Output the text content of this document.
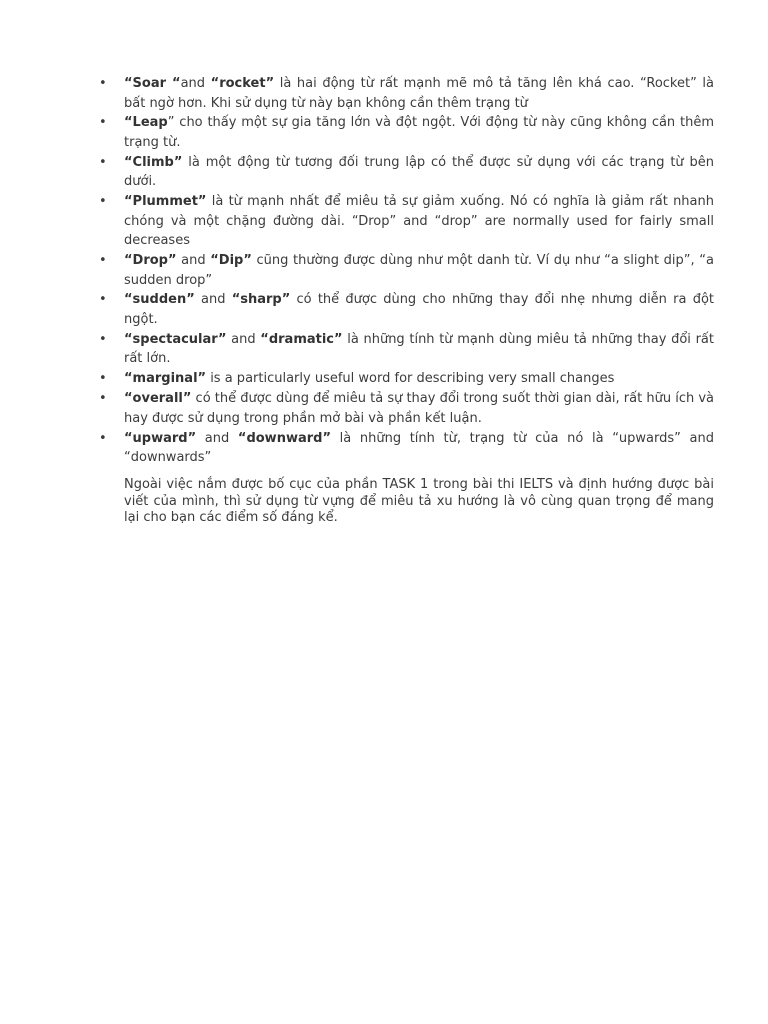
• “Soar “and “rocket” là hai động từ rất mạnh mẽ mô tả tăng lên khá cao. “Rocket” là bất ngờ hơn. Khi sử dụng từ này bạn không cần thêm trạng từ
• “Leap” cho thấy một sự gia tăng lớn và đột ngột. Với động từ này cũng không cần thêm trạng từ.
• “Climb” là một động từ tương đối trung lập có thể được sử dụng với các trạng từ bên dưới.
• “Plummet” là từ mạnh nhất để miêu tả sự giảm xuống. Nó có nghĩa là giảm rất nhanh chóng và một chặng đường dài. “Drop” and “drop” are normally used for fairly small decreases
• “Drop” and “Dip” cũng thường được dùng như một danh từ. Ví dụ như “a slight dip”, “a sudden drop”
• “sudden” and “sharp” có thể được dùng cho những thay đổi nhẹ nhưng diễn ra đột ngột.
• “spectacular” and “dramatic” là những tính từ mạnh dùng miêu tả những thay đổi rất rất lớn.
• “marginal” is a particularly useful word for describing very small changes
• “overall” có thể được dùng để miêu tả sự thay đổi trong suốt thời gian dài, rất hữu ích và hay được sử dụng trong phần mở bài và phần kết luận.
• “upward” and “downward” là những tính từ, trạng từ của nó là “upwards” and “downwards”

Ngoài việc nắm được bố cục của phần TASK 1 trong bài thi IELTS và định hướng được bài viết của mình, thì sử dụng từ vựng để miêu tả xu hướng là vô cùng quan trọng để mang lại cho bạn các điểm số đáng kể.
